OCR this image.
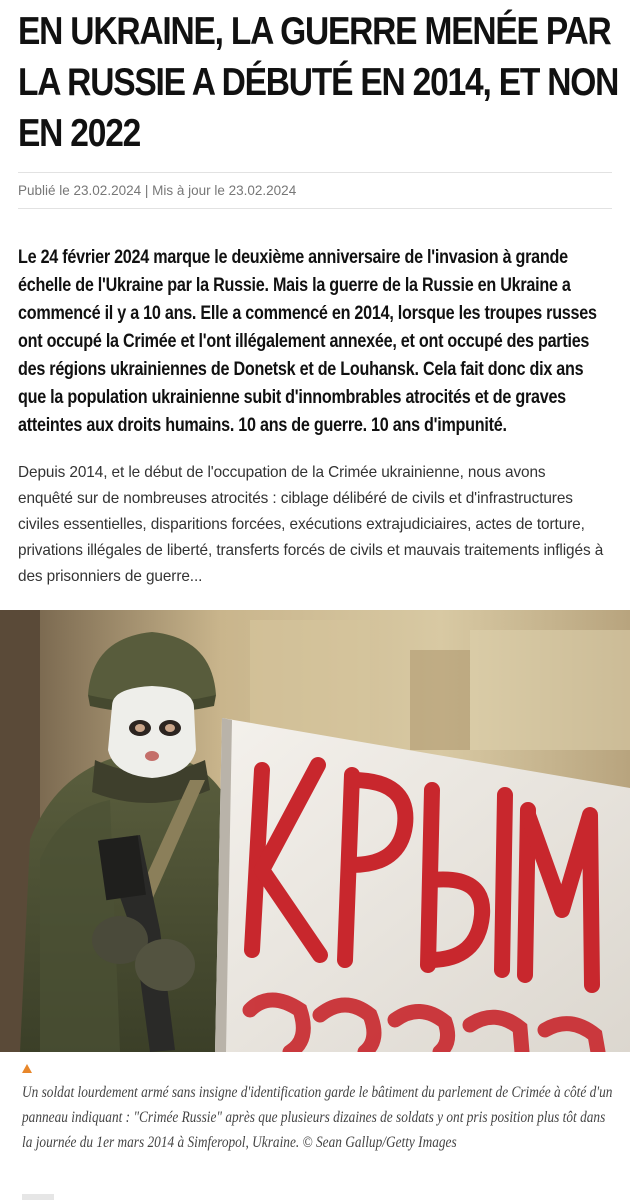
EN UKRAINE, LA GUERRE MENÉE PAR LA RUSSIE A DÉBUTÉ EN 2014, ET NON EN 2022
Publié le 23.02.2024 | Mis à jour le 23.02.2024

Le 24 février 2024 marque le deuxième anniversaire de l'invasion à grande échelle de l'Ukraine par la Russie. Mais la guerre de la Russie en Ukraine a commencé il y a 10 ans. Elle a commencé en 2014, lorsque les troupes russes ont occupé la Crimée et l'ont illégalement annexée, et ont occupé des parties des régions ukrainiennes de Donetsk et de Louhansk. Cela fait donc dix ans que la population ukrainienne subit d'innombrables atrocités et de graves atteintes aux droits humains. 10 ans de guerre. 10 ans d'impunité.

Depuis 2014, et le début de l'occupation de la Crimée ukrainienne, nous avons enquêté sur de nombreuses atrocités : ciblage délibéré de civils et d'infrastructures civiles essentielles, disparitions forcées, exécutions extrajudiciaires, actes de torture, privations illégales de liberté, transferts forcés de civils et mauvais traitements infligés à des prisonniers de guerre...

Un soldat lourdement armé sans insigne d'identification garde le bâtiment du parlement de Crimée à côté d'un panneau indiquant : "Crimée Russie" après que plusieurs dizaines de soldats y ont pris position plus tôt dans la journée du 1er mars 2014 à Simferopol, Ukraine. © Sean Gallup/Getty Images
